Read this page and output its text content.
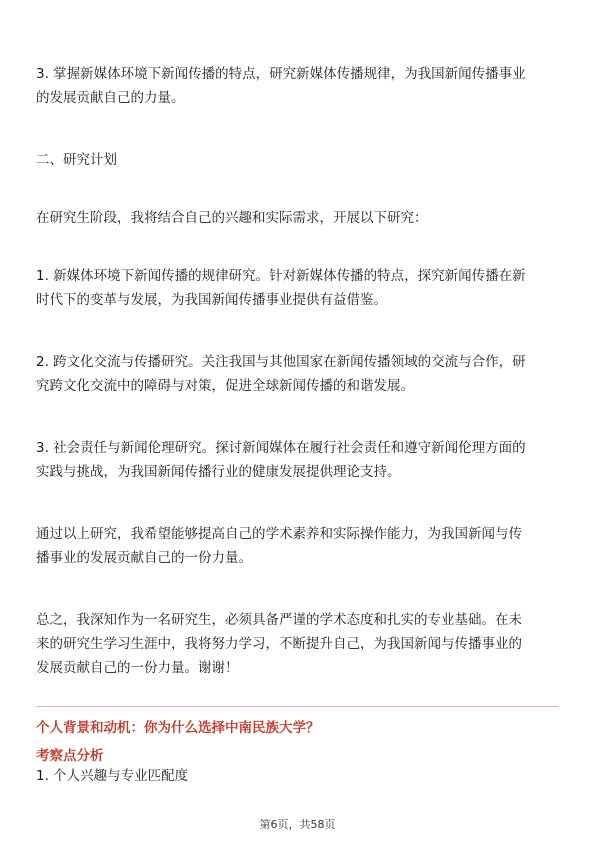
3. 掌握新媒体环境下新闻传播的特点，研究新媒体传播规律，为我国新闻传播事业
的发展贡献自己的力量。

二、研究计划

在研究生阶段，我将结合自己的兴趣和实际需求，开展以下研究：

1. 新媒体环境下新闻传播的规律研究。针对新媒体传播的特点，探究新闻传播在新
时代下的变革与发展，为我国新闻传播事业提供有益借鉴。

2. 跨文化交流与传播研究。关注我国与其他国家在新闻传播领域的交流与合作，研
究跨文化交流中的障碍与对策，促进全球新闻传播的和谐发展。

3. 社会责任与新闻伦理研究。探讨新闻媒体在履行社会责任和遵守新闻伦理方面的
实践与挑战，为我国新闻传播行业的健康发展提供理论支持。

通过以上研究，我希望能够提高自己的学术素养和实际操作能力，为我国新闻与传
播事业的发展贡献自己的一份力量。

总之，我深知作为一名研究生，必须具备严谨的学术态度和扎实的专业基础。在未
来的研究生学习生涯中，我将努力学习，不断提升自己，为我国新闻与传播事业的
发展贡献自己的一份力量。谢谢！

个人背景和动机：你为什么选择中南民族大学？

考察点分析

1. 个人兴趣与专业匹配度

第6页，共58页
